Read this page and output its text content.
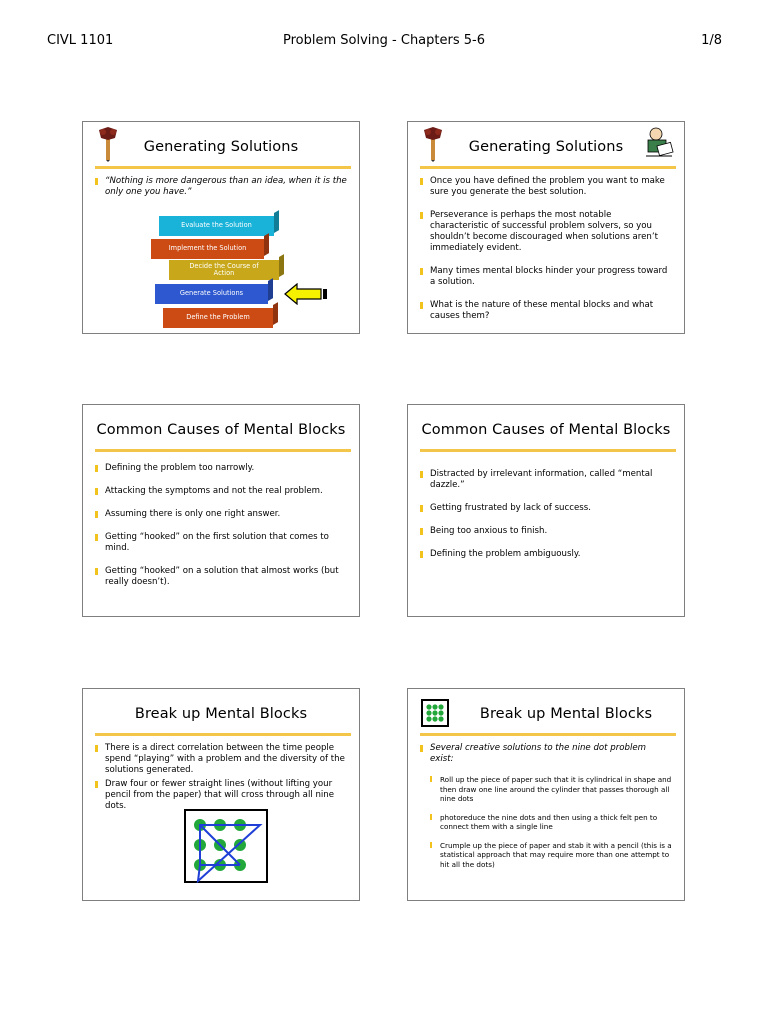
CIVL 1101	Problem Solving - Chapters 5-6	1/8
Generating Solutions
“Nothing is more dangerous than an idea, when it is the only one you have.”
Evaluate the Solution
Implement the Solution
Decide the Course of Action
Generate Solutions
Define the Problem
Generating Solutions
Once you have defined the problem you want to make sure you generate the best solution.
Perseverance is perhaps the most notable characteristic of successful problem solvers, so you shouldn’t become discouraged when solutions aren’t immediately evident.
Many times mental blocks hinder your progress toward a solution.
What is the nature of these mental blocks and what causes them?
Common Causes of Mental Blocks
Defining the problem too narrowly.
Attacking the symptoms and not the real problem.
Assuming there is only one right answer.
Getting “hooked” on the first solution that comes to mind.
Getting “hooked” on a solution that almost works (but really doesn’t).
Common Causes of Mental Blocks
Distracted by irrelevant information, called “mental dazzle.”
Getting frustrated by lack of success.
Being too anxious to finish.
Defining the problem ambiguously.
Break up Mental Blocks
There is a direct correlation between the time people spend “playing” with a problem and the diversity of the solutions generated.
Draw four or fewer straight lines (without lifting your pencil from the paper) that will cross through all nine dots.
Break up Mental Blocks
Several creative solutions to the nine dot problem exist:
Roll up the piece of paper such that it is cylindrical in shape and then draw one line around the cylinder that passes thorough all nine dots
photoreduce the nine dots and then using a thick felt pen to connect them with a single line
Crumple up the piece of paper and stab it with a pencil (this is a statistical approach that may require more than one attempt to hit all the dots)
